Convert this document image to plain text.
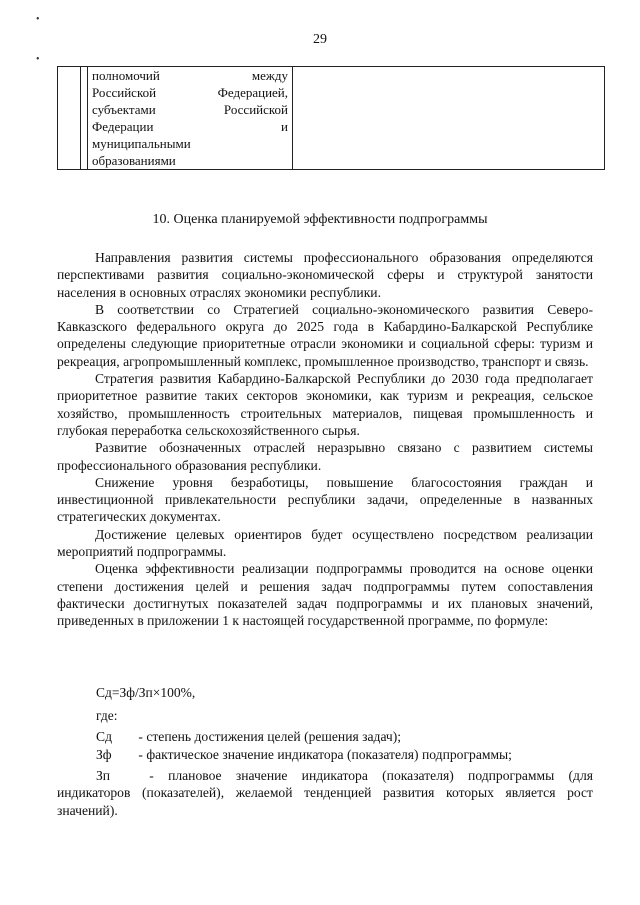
•
•
29

полномочий между
Российской Федерацией,
субъектами Российской
Федерации и
муниципальными
образованиями

10. Оценка планируемой эффективности подпрограммы

Направления развития системы профессионального образования определяются перспективами развития социально-экономической сферы и структурой занятости населения в основных отраслях экономики республики.

В соответствии со Стратегией социально-экономического развития Северо-Кавказского федерального округа до 2025 года в Кабардино-Балкарской Республике определены следующие приоритетные отрасли экономики и социальной сферы: туризм и рекреация, агропромышленный комплекс, промышленное производство, транспорт и связь.

Стратегия развития Кабардино-Балкарской Республики до 2030 года предполагает приоритетное развитие таких секторов экономики, как туризм и рекреация, сельское хозяйство, промышленность строительных материалов, пищевая промышленность и глубокая переработка сельскохозяйственного сырья.

Развитие обозначенных отраслей неразрывно связано с развитием системы профессионального образования республики.

Снижение уровня безработицы, повышение благосостояния граждан и инвестиционной привлекательности республики задачи, определенные в названных стратегических документах.

Достижение целевых ориентиров будет осуществлено посредством реализации мероприятий подпрограммы.

Оценка эффективности реализации подпрограммы проводится на основе оценки степени достижения целей и решения задач подпрограммы путем сопоставления фактически достигнутых показателей задач подпрограммы и их плановых значений, приведенных в приложении 1 к настоящей государственной программе, по формуле:

Сд=Зф/Зп×100%,
где:
Сд - степень достижения целей (решения задач);
Зф - фактическое значение индикатора (показателя) подпрограммы;
Зп	- плановое значение индикатора (показателя) подпрограммы (для индикаторов (показателей), желаемой тенденцией развития которых является рост значений).
